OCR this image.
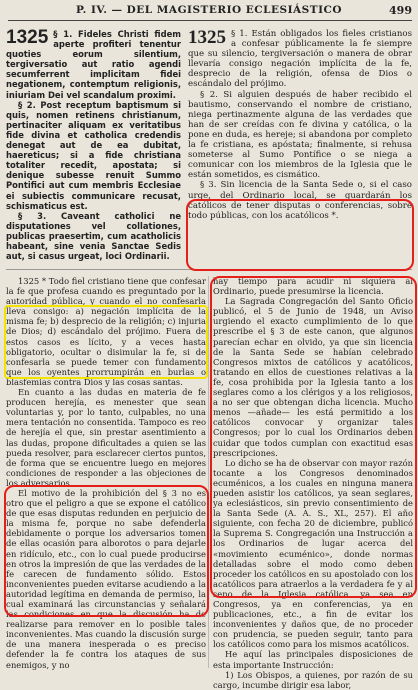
P. IV. — DEL MAGISTERIO ECLESIÁSTICO	499
1325 § 1. Fideles Christi fidem aperte profiteri tenentur quoties eorum silentium, tergiversatio aut ratio agendi secumferrent implicitam fidei negationem, contemptum religionis, iniuriam Dei vel scandalum proximi.

§ 2. Post receptum baptismum si quis, nomen retinens christianum, pertinaciter aliquam ex veritatibus fide divina et catholica credendis denegat aut de ea dubitat, haereticus; si a fide christiana totaliter recedit, apostata; si denique subesse renuit Summo Pontifici aut cum membris Ecclesiae ei subiectis communicare recusat, schismaticus est.

§ 3. Caveant catholici ne disputationes vel collationes, publicas praesertim, cum acatholicis habeant, sine venia Sanctae Sedis aut, si casus urgeat, loci Ordinarii.

1325 § 1. Están obligados los fieles cristianos a confesar públicamente la fe siempre que su silencio, tergiversación o manera de obrar llevaría consigo negación implícita de la fe, desprecio de la religión, ofensa de Dios o escándalo del prójimo.

§ 2. Si alguien después de haber recibido el bautismo, conservando el nombre de cristiano, niega pertinazmente alguna de las verdades que han de ser creídas con fe divina y católica, o la pone en duda, es hereje; si abandona por completo la fe cristiana, es apóstata; finalmente, si rehusa someterse al Sumo Pontífice o se niega a comunicar con los miembros de la Iglesia que le están sometidos, es cismático.

§ 3. Sin licencia de la Santa Sede o, si el caso urge, del Ordinario local, se guardarán los católicos de tener disputas o conferencias, sobre todo públicas, con los acatólicos *.

1325 * Todo fiel cristiano tiene que confesar la fe que profesa cuando es preguntado por la autoridad pública, y cuando el no confesarla lleva consigo: a) negación implícita de la misma fe; b) desprecio de la religión; c) injuria de Dios; d) escándalo del prójimo. Fuera de estos casos es lícito, y a veces hasta obligatorio, ocultar o disimular la fe, si de confesarla se puede temer con fundamento que los oyentes prorrumpirán en burlas o blasfemias contra Dios y las cosas santas.

En cuanto a las dudas en materia de fe producen herejía, es menester que sean voluntarias y, por lo tanto, culpables, no una mera tentación no consentida. Tampoco es reo de herejía el que, sin prestar asentimiento a las dudas, propone dificultades a quien se las pueda resolver, para esclarecer ciertos puntos, de forma que se encuentre luego en mejores condiciones de responder a las objeciones de los adversarios.

El motivo de la prohibición del § 3 no es otro que el peligro a que se expone el católico de que esas disputas redunden en perjuicio de la misma fe, porque no sabe defenderla debidamente o porque los adversarios tomen de ellas ocasión para alborotos o para dejarle en ridículo, etc., con lo cual puede producirse en otros la impresión de que las verdades de la fe carecen de fundamento sólido. Estos inconvenientes pueden evitarse acudiendo a la autoridad legítima en demanda de permiso, la cual examinará las circunstancias y señalará las condiciones en que la discusión ha de realizarse para remover en lo posible tales inconvenientes. Mas cuando la discusión surge de una manera inesperada o es preciso defender la fe contra los ataques de sus enemigos, y no

hay tiempo para acudir ni siquiera al Ordinario, puede presumirse la licencia.

La Sagrada Congregación del Santo Oficio publicó, el 5 de Junio de 1948, un Aviso urgiendo el exacto cumplimiento de lo que prescribe el § 3 de este canon, que algunos parecían echar en olvido, ya que sin licencia de la Santa Sede se habían celebrado Congresos mixtos de católicos y acatólicos, tratando en ellos de cuestiones relativas a la fe, cosa prohibida por la Iglesia tanto a los seglares como a los clérigos y a los religiosos, a no ser que obtengan dicha licencia. Mucho menos —añade— les está permitido a los católicos convocar y organizar tales Congresos; por lo cual los Ordinarios deben cuidar que todos cumplan con exactitud esas prescripciones.

Lo dicho se ha de observar con mayor razón tocante a los Congresos denominados ecuménicos, a los cuales en ninguna manera pueden asistir los católicos, ya sean seglares, ya eclesiásticos, sin previo consentimiento de la Santa Sede (A. A. S., XL, 257). El año siguiente, con fecha 20 de diciembre, publicó la Suprema S. Congregación una Instrucción a los Ordinarios de lugar acerca del «movimiento ecuménico», donde normas detalladas sobre el modo como deben proceder los católicos en su apostolado con los acatólicos para atraerlos a la verdadera fe y al seno de la Iglesia católica, ya sea en Congresos, ya en conferencias, ya en publicaciones, etc., a fin de evitar los inconvenientes y daños que, de no proceder con prudencia, se pueden seguir, tanto para los católicos como para los mismos acatólicos.

He aquí las principales disposiciones de esta importante Instrucción:

1) Los Obispos, a quienes, por razón de su cargo, incumbe dirigir esa labor,
